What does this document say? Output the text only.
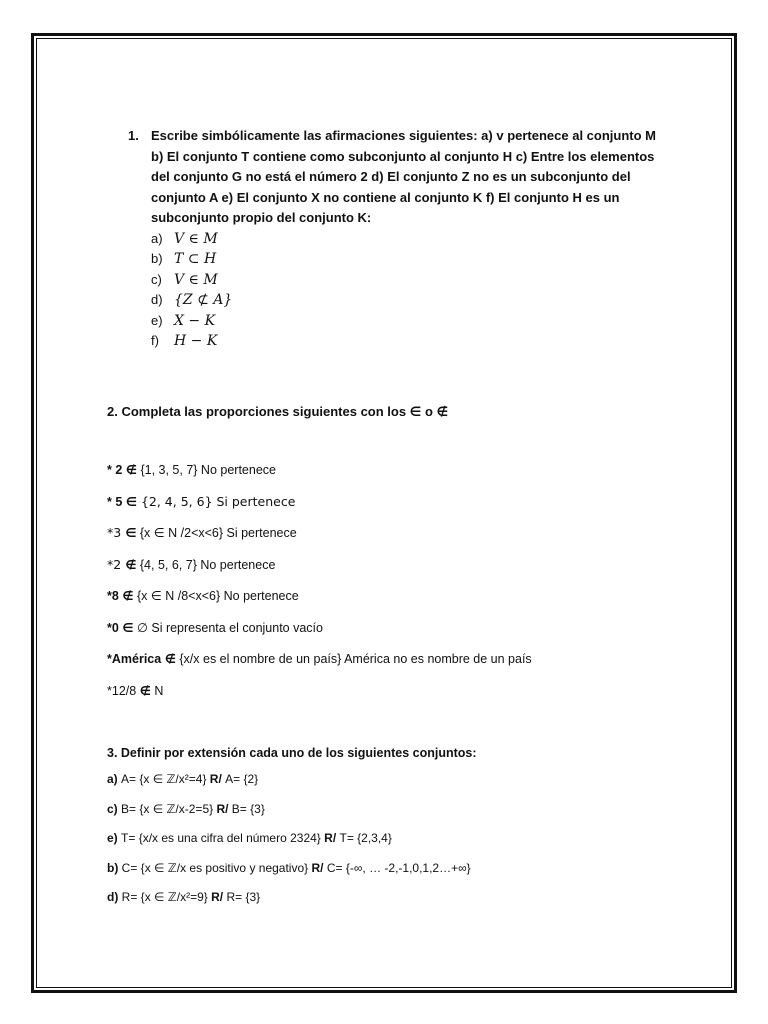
1. Escribe simbólicamente las afirmaciones siguientes: a) v pertenece al conjunto M
b) El conjunto T contiene como subconjunto al conjunto H c) Entre los elementos
del conjunto G no está el número 2 d) El conjunto Z no es un subconjunto del
conjunto A e) El conjunto X no contiene al conjunto K f) El conjunto H es un
subconjunto propio del conjunto K:
a) V ∈ M
b) T ⊂ H
c) V ∈ M
d) {Z ⊄ A}
e) X − K
f) H − K
2. Completa las proporciones siguientes con los ∈ o ∉
* 2 ∉ {1, 3, 5, 7} No pertenece
* 5 ∈ {2, 4, 5, 6} Si pertenece
*3 ∈ {x ∈ N /2<x<6} Si pertenece
*2 ∉ {4, 5, 6, 7} No pertenece
*8 ∉ {x ∈ N /8<x<6} No pertenece
*0 ∈ ∅ Si representa el conjunto vacío
*América ∉ {x/x es el nombre de un país} América no es nombre de un país
*12/8 ∉ N
3. Definir por extensión cada uno de los siguientes conjuntos:
a) A= {x ∈ ℤ/x²=4} R/ A= {2}
c) B= {x ∈ ℤ/x-2=5} R/ B= {3}
e) T= {x/x es una cifra del número 2324} R/ T= {2,3,4}
b) C= {x ∈ ℤ/x es positivo y negativo} R/ C= {-∞, … -2,-1,0,1,2…+∞}
d) R= {x ∈ ℤ/x²=9} R/ R= {3}
